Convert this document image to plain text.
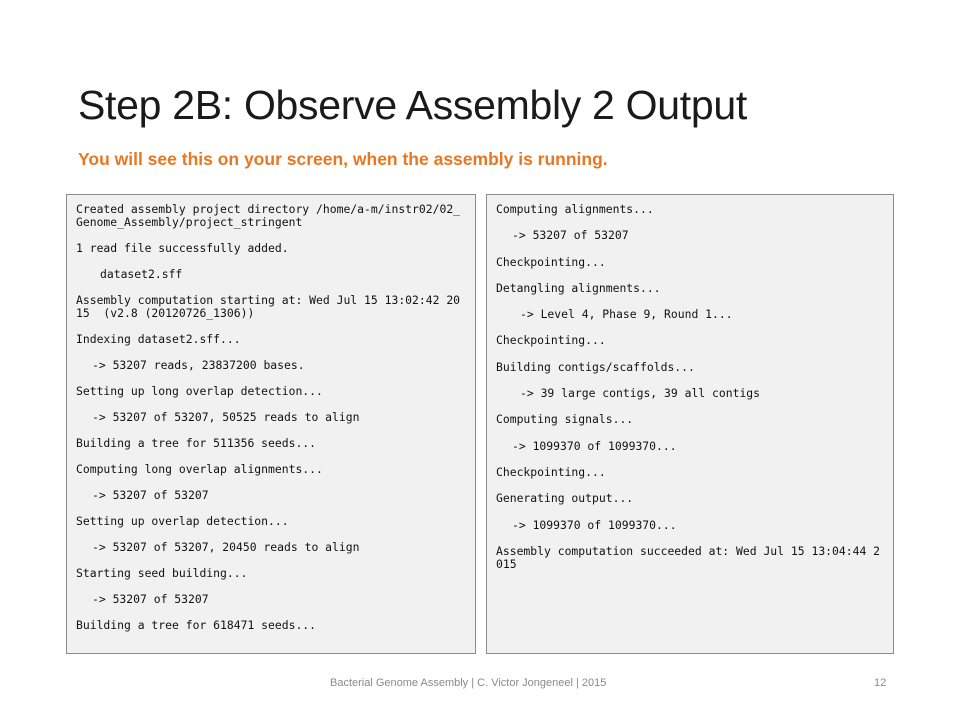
Step 2B: Observe Assembly 2 Output
You will see this on your screen, when the assembly is running.
Created assembly project directory /home/a-m/instr02/02_Genome_Assembly/project_stringent
1 read file successfully added.
dataset2.sff
Assembly computation starting at: Wed Jul 15 13:02:42 2015  (v2.8 (20120726_1306))
Indexing dataset2.sff...
-> 53207 reads, 23837200 bases.
Setting up long overlap detection...
-> 53207 of 53207, 50525 reads to align
Building a tree for 511356 seeds...
Computing long overlap alignments...
-> 53207 of 53207
Setting up overlap detection...
-> 53207 of 53207, 20450 reads to align
Starting seed building...
-> 53207 of 53207
Building a tree for 618471 seeds...
Computing alignments...
-> 53207 of 53207
Checkpointing...
Detangling alignments...
-> Level 4, Phase 9, Round 1...
Checkpointing...
Building contigs/scaffolds...
-> 39 large contigs, 39 all contigs
Computing signals...
-> 1099370 of 1099370...
Checkpointing...
Generating output...
-> 1099370 of 1099370...
Assembly computation succeeded at: Wed Jul 15 13:04:44 2015
Bacterial Genome Assembly | C. Victor Jongeneel | 2015	12
